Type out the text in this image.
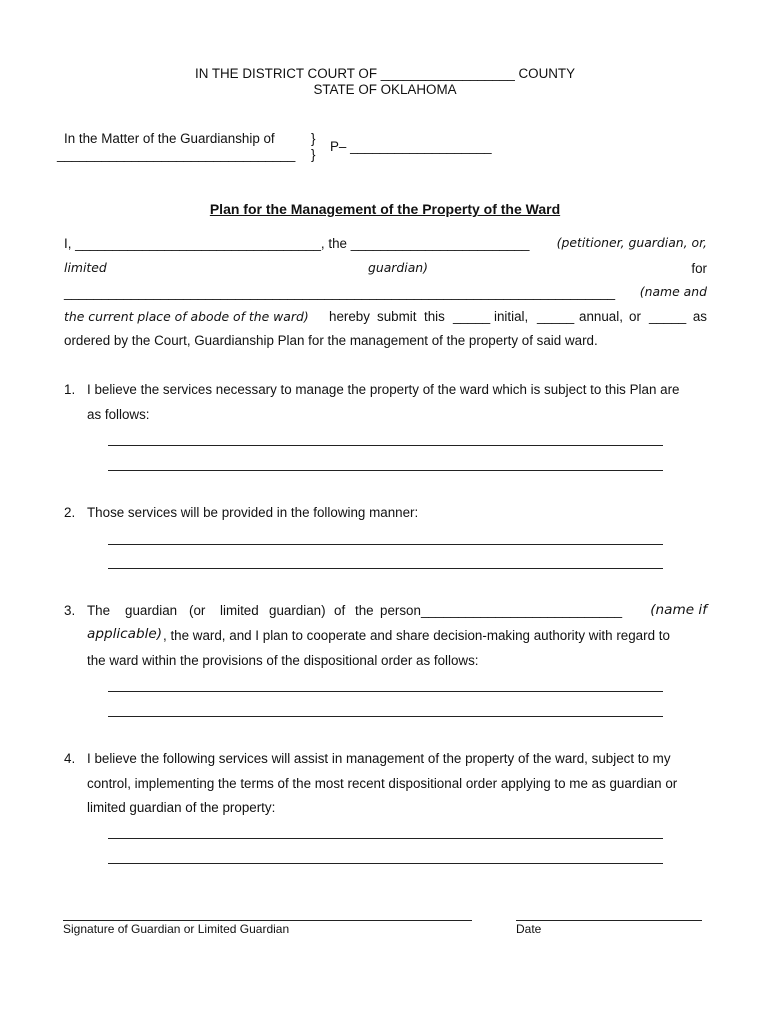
IN THE DISTRICT COURT OF __________________ COUNTY
STATE OF OKLAHOMA
In the Matter of the Guardianship of
________________________________
}
}
P– ___________________
Plan for the Management of the Property of the Ward
I, _________________________________, the ________________________ (petitioner, guardian, or,
limited	guardian)	for
__________________________________________________________________________ (name and
the current place of abode of the ward) hereby submit this _____ initial, _____ annual, or _____ as
ordered by the Court, Guardianship Plan for the management of the property of said ward.
1. I believe the services necessary to manage the property of the ward which is subject to this Plan are
as follows:
2. Those services will be provided in the following manner:
3. The guardian (or limited guardian) of the person___________________________ (name if
applicable) , the ward, and I plan to cooperate and share decision-making authority with regard to
the ward within the provisions of the dispositional order as follows:
4. I believe the following services will assist in management of the property of the ward, subject to my
control, implementing the terms of the most recent dispositional order applying to me as guardian or
limited guardian of the property:
Signature of Guardian or Limited Guardian	Date
